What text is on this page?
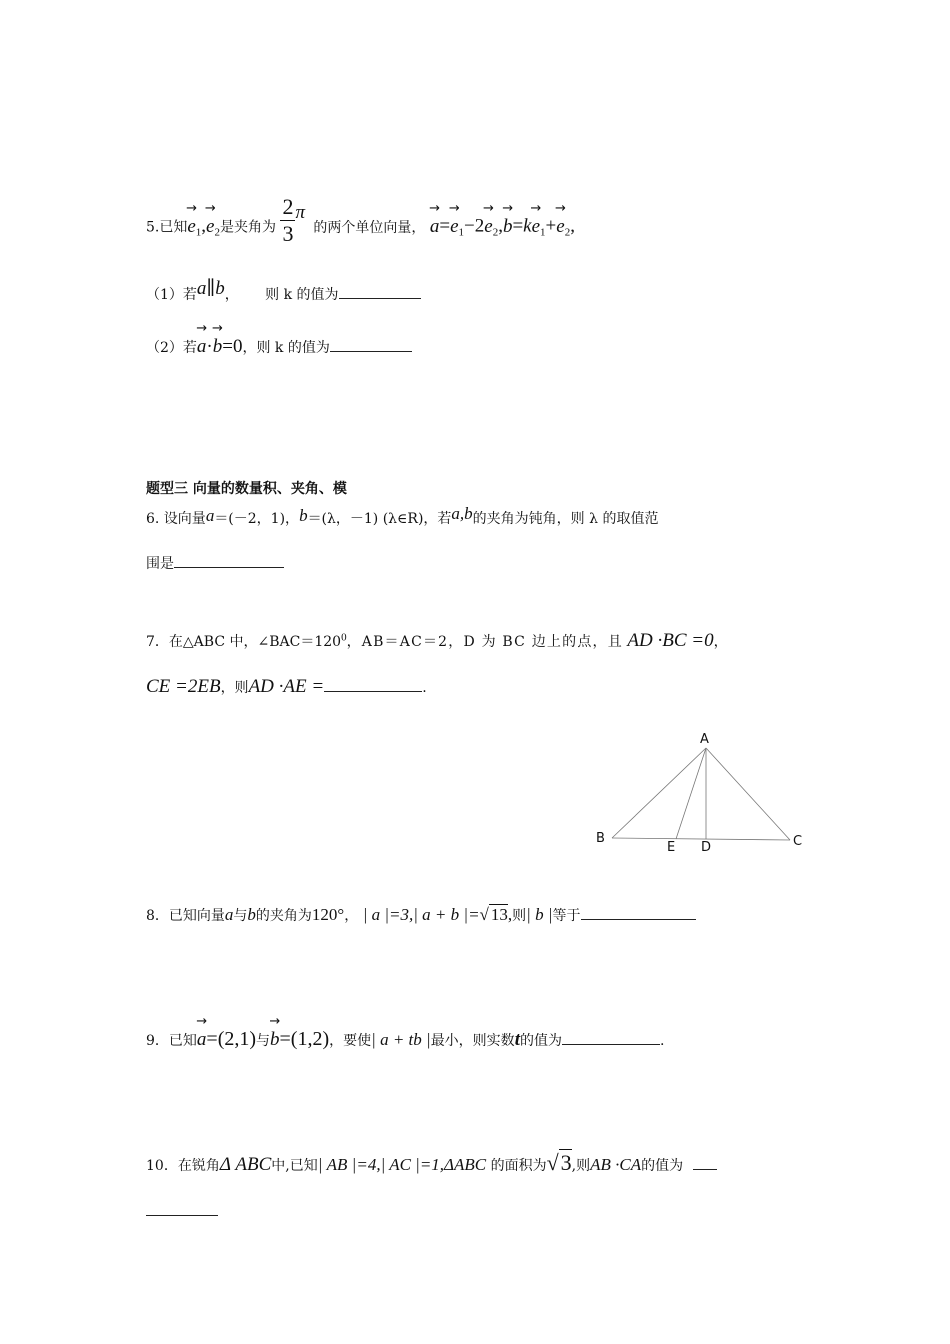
5.已知→ $e_1,\to e_2$是夹角为 $\frac{2}{3}$ π 的两个单位向量， → $a=\to e_1-2\to e_2,\to b=k\to e_1+\to e_2$,
（1）若a∥b， 则 k 的值为
（2）若→ a·→ b=0，则 k 的值为
题型三 向量的数量积、夹角、模
6. 设向量a＝(－2，1)，b＝(λ，－1) (λ∈R)，若a,b的夹角为钝角，则 λ 的取值范
围是
7．在△ABC 中，$\angle BAC=120^0$，AB＝AC＝2，D 为 BC 边上的点，且 AD ·BC =0，
CE =2EB，则AD ·AE =	.
A
B	C
E D
8．已知向量a与b的夹角为120°， | a |=3,| a + b |=√ 13,则| b |等于
9．已知→ a=(2,1)与→ b=(1,2)，要使| a + tb |最小，则实数t的值为	.
10．在锐角Δ ABC中,已知| AB |=4,| AC |=1,ΔABC 的面积为√3,则AB ·CA的值为
